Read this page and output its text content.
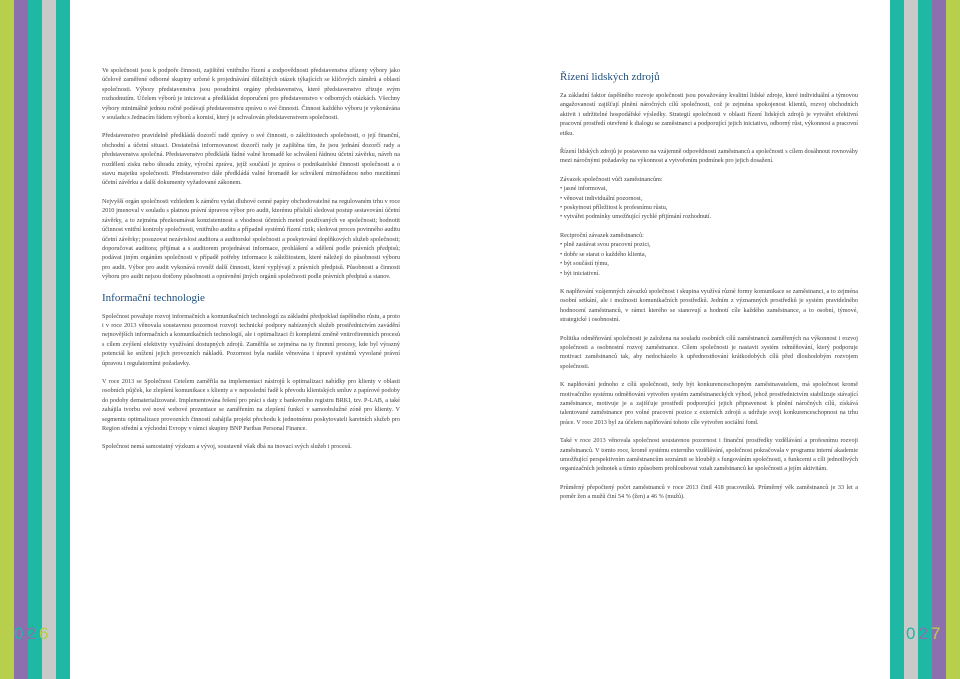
Ve společnosti jsou k podpoře činnosti, zajištění vnitřního řízení a zodpovědnosti představenstva zřízeny výbory jako účelově zaměřené odborné skupiny určené k projednávání důležitých otázek týkajících se klíčových záměrů a oblastí společnosti. Výbory představenstva jsou poradními orgány představenstva, které představenstvo zřizuje svým rozhodnutím. Účelem výborů je iniciovat a předkládat doporučení pro představenstvo v odborných otázkách. Všechny výbory minimálně jednou ročně podávají představenstvu zprávu o své činnosti. Činnost každého výboru je vykonávána v souladu s Jednacím řádem výborů a komisí, který je schvalován představenstvem společnosti.

Představenstvo pravidelně předkládá dozorčí radě zprávy o své činnosti, o záležitostech společnosti, o její finanční, obchodní a účetní situaci. Dostatečná informovanost dozorčí rady je zajištěna tím, že jsou jednání dozorčí rady a představenstva společná. Představenstvo předkládá řádné valné hromadě ke schválení řádnou účetní závěrku, návrh na rozdělení zisku nebo úhradu ztráty, výroční zprávu, jejíž součástí je zpráva o podnikatelské činnosti společnosti a o stavu majetku společnosti. Představenstvo dále předkládá valné hromadě ke schválení mimořádnou nebo mezitímní účetní závěrku a další dokumenty vyžadované zákonem.

Nejvyšší orgán společnosti vzhledem k záměru vydat dluhové cenné papíry obchodovatelné na regulovaném trhu v roce 2010 jmenoval v souladu s platnou právní úpravou výbor pro audit, kterému přísluší sledovat postup sestavování účetní závěrky, a to zejména přezkoumávat konzistentnost a vhodnost účetních metod používaných ve společnosti; hodnotit účinnost vnitřní kontroly společnosti, vnitřního auditu a případně systémů řízení rizik; sledovat proces povinného auditu účetní závěrky; posuzovat nezávislost auditora a auditorské společnosti a poskytování doplňkových služeb společnosti; doporučovat auditora; přijímat a s auditorem projednávat informace, prohlášení a sdělení podle právních předpisů; podávat jiným orgánům společnosti v případě potřeby informace k záležitostem, které náležejí do působnosti výboru pro audit. Výbor pro audit vykonává rovněž další činnosti, které vyplývají z právních předpisů. Působnosti a činnosti výboru pro audit nejsou dotčeny působnosti a oprávnění jiných orgánů společnosti podle právních předpisů a stanov.

Informační technologie

Společnost považuje rozvoj informačních a komunikačních technologií za základní předpoklad úspěšného růstu, a proto i v roce 2013 věnovala soustavnou pozornost rozvoji technické podpory nabízených služeb prostřednictvím zavádění nejnovějších informačních a komunikačních technologií, ale i optimalizaci či kompletní změně vnitrofiremních procesů s cílem zvýšení efektivity využívání dostupných zdrojů. Zaměřila se zejména na ty firemní procesy, kde byl výrazný potenciál ke snížení jejich provozních nákladů. Pozornost byla nadále věnována i úpravě systémů vyvolané právní úpravou i regulatorními požadavky.

V roce 2013 se Společnost Cetelem zaměřila na implementaci nástrojů k optimalizaci nabídky pro klienty v oblasti osobních půjček, ke zlepšení komunikace s klienty a v neposlední řadě k převodu klientských smluv z papírové podoby do podoby dematerializované. Implementována řešení pro práci s daty z bankovního registru BRKI, tzv. P-LAB, a také zahájila tvorbu své nové webové prezentace se zaměřením na zlepšení funkcí v samoobslužné zóně pro klienty. V segmentu optimalizace provozních činností zahájila projekt přechodu k jednotnému poskytovateli karetních služeb pro Region střední a východní Evropy v rámci skupiny BNP Paribas Personal Finance.

Společnost nemá samostatný výzkum a vývoj, soustavně však dbá na inovaci svých služeb i procesů.

Řízení lidských zdrojů

Za základní faktor úspěšného rozvoje společnosti jsou považovány kvalitní lidské zdroje, které individuální a týmovou angažovaností zajišťují plnění náročných cílů společnosti, což je zejména spokojenost klientů, rozvoj obchodních aktivit i udržitelné hospodářské výsledky. Strategií společnosti v oblasti řízení lidských zdrojů je vytvářet efektivní pracovní prostředí otevřené k dialogu se zaměstnanci a podporující jejich iniciativu, odborný růst, výkonnost a pracovní etiku.

Řízení lidských zdrojů je postaveno na vzájemně odpovědnosti zaměstnanců a společnosti s cílem dosáhnout rovnováhy mezi náročnými požadavky na výkonnost a vytvořením podmínek pro jejich dosažení.

Závazek společnosti vůči zaměstnancům:

• jasné informovat,
• věnovat individuální pozornost,
• poskytnout příležitost k profesnímu růstu,
• vytvářet podmínky umožňující rychlé přijímání rozhodnutí.

Reciproční závazek zaměstnanců:

• plně zastávat svou pracovní pozici,
• dobře se starat o každého klienta,
• být součástí týmu,
• být iniciativní.

K naplňování vzájemných závazků společnost i skupina využívá různé formy komunikace se zaměstnanci, a to zejména osobní setkání, ale i možnosti komunikačních prostředků. Jedním z významných prostředků je systém pravidelného hodnocení zaměstnanců, v rámci kterého se stanovují a hodnotí cíle každého zaměstnance, a to osobní, týmové, strategické i osobnostní.

Politika odměňování společnosti je založena na souladu osobních cílů zaměstnanců zaměřených na výkonnost i rozvoj společnosti a osobnostní rozvoj zaměstnance. Cílem společnosti je nastavit systém odměňování, který podporuje motivaci zaměstnanců tak, aby nedocházelo k upřednostňování krátkodobých cílů před dlouhodobým rozvojem společnosti.

K naplňování jednoho z cílů společnosti, tedy být konkurenceschopným zaměstnavatelem, má společnost kromě motivačního systému odměňování vytvořen systém zaměstnaneckých výhod, jehož prostřednictvím stabilizuje stávající zaměstnance, motivuje je a zajišťuje prostředí podporující jejich připravenost k plnění náročných cílů, získává talentované zaměstnance pro volné pracovní pozice z externích zdrojů a udržuje svoji konkurenceschopnost na trhu práce. V roce 2013 byl za účelem naplňování tohoto cíle vytvořen sociální fond.

Také v roce 2013 věnovala společnost soustavnou pozornost i finanční prostředky vzdělávání a profesnímu rozvoji zaměstnanců. V tomto roce, kromě systému externího vzdělávání, společnost pokračovala v programu interní akademie umožňující perspektivním zaměstnancům seznámit se hlouběji s fungováním společnosti, s funkcemi a cíli jednotlivých organizačních jednotek a tímto způsobem prohloubovat vztah zaměstnanců ke společnosti a jejím aktivitám.

Průměrný přepočtený počet zaměstnanců v roce 2013 činil 418 pracovníků. Průměrný věk zaměstnanců je 33 let a poměr žen a mužů činí 54 % (žen) a 46 % (mužů).

026	027
